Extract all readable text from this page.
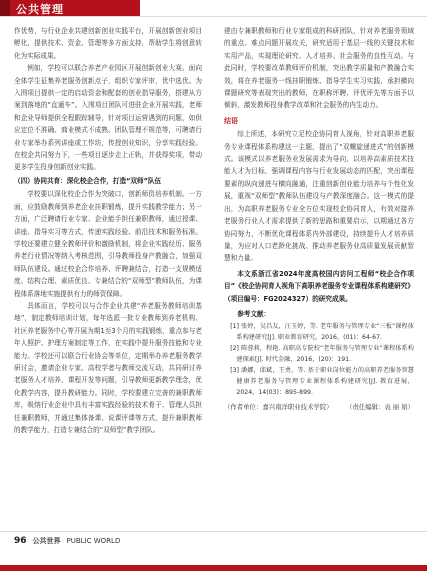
公共管理

作优势，与行业企业共建创新创业实践平台，开展创新创业项目孵化，提供技术、资金、管理等多方面支持，帮助学生将创意转化为实际成果。

例如，学校可以联合养老产业园区开展创新创业大赛。面向全体学生征集养老服务创新点子，组织专家评审，优中选优。为入围项目提供一定的启动资金和配套的创业指导服务，搭建从方案到落地的“直通车”。入围项目团队可进驻企业开展实践，老师和企业导师提供全程跟踪辅导，针对项目运营遇到的问题，如供应定位不准确、商业模式不成熟、团队管理不规范等，可聘请行业专家举办系列讲座或工作坊，传授创业知识，分享实践经验。在校企共同努力下，一些项目逐步走上正轨，并获得奖项，带动更多学生投身创新创业实践。

（四）协同共育：深化校企合作，打造“双师”队伍

学校要以深化校企合作为突破口，创新师资培养机制。一方面，应鼓励教师到养老企业挂职锻炼，提升实践教学能力；另一方面，广泛聘请行业专家、企业能手担任兼职教师，通过授课、讲座、指导实习等方式，传递实践经验、前沿技术和服务标准。学校还要建立健全教师评价和激励机制，将企业实践经历、服务养老行业情况等纳入考核范围，引导教师投身产教融合，加强双师队伍建设。通过校企合作培养、评聘兼结合，打造一支规模适度、结构合理、素质优良、专兼结合的“双师型”教师队伍，为课程体系落地实施提供有力的师资保障。

具体而言，学校可以与合作企业共建“养老服务教师培训基地”，制定教师培训计划，每年选派一批专业教师到养老机构、社区养老服务中心等开展为期1至3个月的实践锻炼，重点参与老年人照护、护理方案制定等工作，在实践中提升服务技能和专业能力。学校还可以联合行业协会等单位，定期举办养老服务教学研讨会，邀请企业专家、高校学者与教师交流互动，共同研讨养老服务人才培养、课程开发等问题，引导教师更新教学理念，优化教学内容，提升教研能力。同时，学校要建立完善的兼职教师库，吸纳行业企业中具有丰富实践经验的技术骨干、管理人员担任兼职教师，并通过集体备课、说课评课等方式，提升兼职教师的教学能力，打造专兼结合的“双师型”教学团队。

建由专兼职教师和行业专家组成的科研团队，针对养老服务领域的重点、难点问题开展攻关，研究适用于基层一线的关键技术和实用产品，实现理论研究、人才培养、社会服务的良性互动。与此同时，学校要改革教师评价机制，突出教学质量和产教融合实效，将在养老服务一线挂职锻炼、指导学生实习实践、承担横向课题研究等表现突出的教师，在职称评聘、评优评先等方面予以倾斜，激发教师投身教学改革和社会服务的内生动力。

结语

综上所述，本研究立足校企协同育人视角，针对高职养老服务专业课程体系构建这一主题，提出了“双螺旋递进式”的创新模式。该模式以养老服务业发展需求为导向，以培养高素质技术技能人才为目标，强调课程内容与行业发展动态的匹配，突出课程要素的纵向递进与横向融通，注重创新创业能力培养与个性化发展，重视“双师型”教师队伍建设与产教深度融合。这一模式的提出，为高职养老服务专业全方位实现校企协同育人，有效对接养老服务行业人才需求提供了新的思路和重要启示，以期通过各方协同努力，不断优化课程体系内外部建设，持续提升人才培养质量，为应对人口老龄化挑战、推动养老服务业高质量发展贡献智慧和力量。

本文系浙江省2024年度高校国内访问工程师“校企合作项目”《校企协同育人视角下高职养老服务专业课程体系构建研究》（项目编号：FG2024327）的研究成果。

参考文献：

[1] 张婷，吴昌友，汪玉婷，等. 老年服务与管理专业“三板”课程体系构建研究[J]. 职业教育研究，2016，(01)：64-67.

[2] 陈蓉莉，程艳. 高职高专院校“老年服务与管理专业”课程体系构建探索[J]. 时代金融，2016，(20)：191.

[3] 潘娜，邱斌，王勇，等. 基于职业岗位能力的高职养老服务智慧健康养老服务与管理专业课程体系构建研究[J]. 教育进展，2024，14(03)：895-899.

（作者单位：嘉兴南洋职业技术学院） （责任编辑：袁 丽 娟）
96 公共世界 PUBLIC WORLD
